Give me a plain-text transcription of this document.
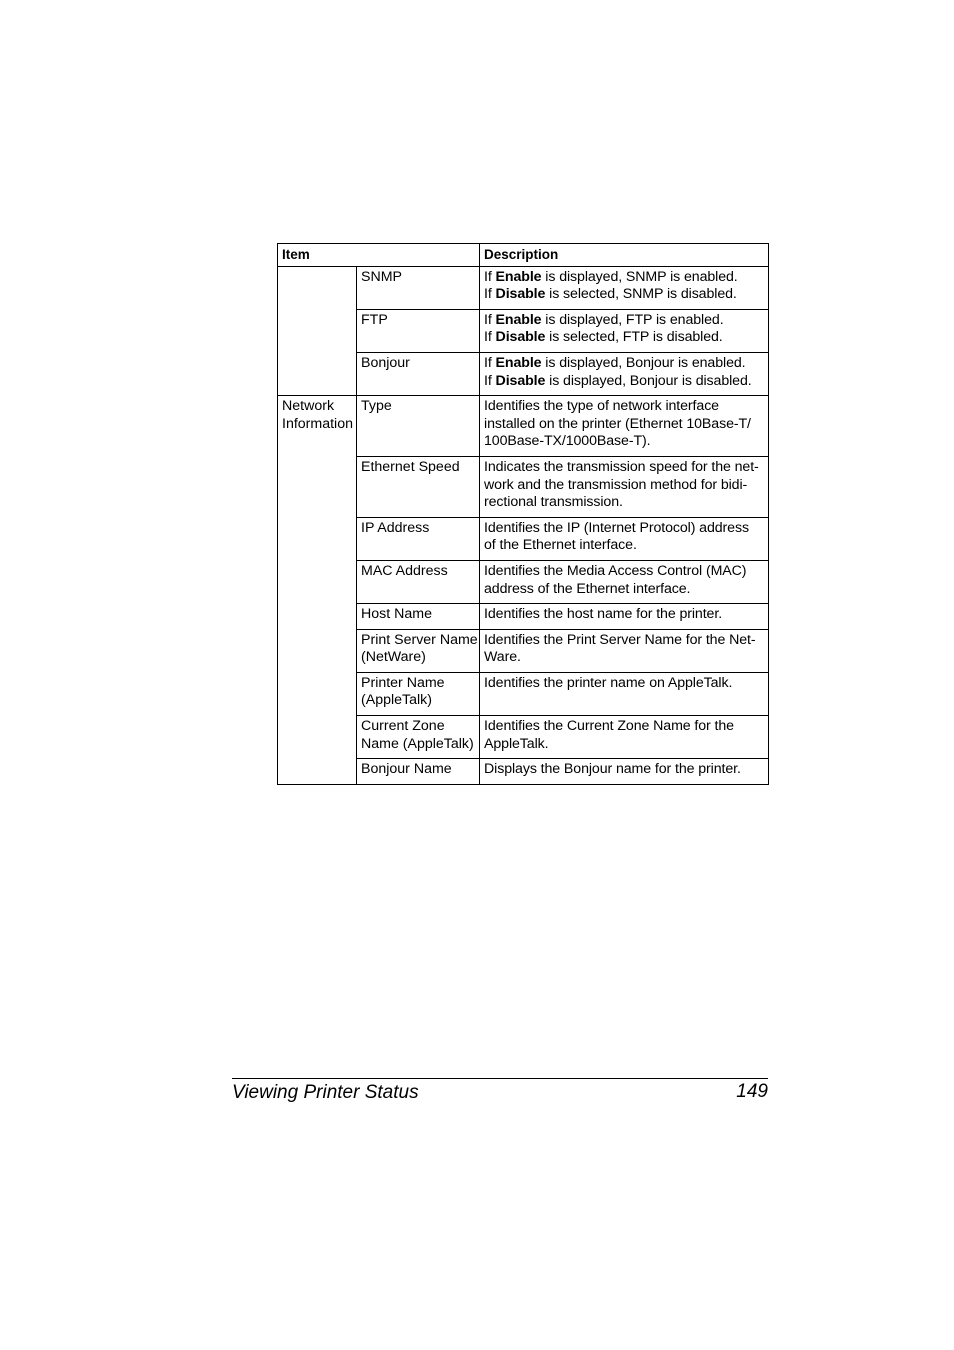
Item		Description

	SNMP	If Enable is displayed, SNMP is enabled.
If Disable is selected, SNMP is disabled.

	FTP	If Enable is displayed, FTP is enabled.
If Disable is selected, FTP is disabled.

	Bonjour	If Enable is displayed, Bonjour is enabled.
If Disable is displayed, Bonjour is disabled.

Network
Information	Type	Identifies the type of network interface
installed on the printer (Ethernet 10Base-T/
100Base-TX/1000Base-T).

	Ethernet Speed	Indicates the transmission speed for the net-
work and the transmission method for bidi-
rectional transmission.

	IP Address	Identifies the IP (Internet Protocol) address
of the Ethernet interface.

	MAC Address	Identifies the Media Access Control (MAC)
address of the Ethernet interface.

	Host Name	Identifies the host name for the printer.

	Print Server Name
(NetWare)	Identifies the Print Server Name for the Net-
Ware.

	Printer Name
(AppleTalk)	Identifies the printer name on AppleTalk.

	Current Zone
Name (AppleTalk)	Identifies the Current Zone Name for the
AppleTalk.

	Bonjour Name	Displays the Bonjour name for the printer.
Viewing Printer Status	149
